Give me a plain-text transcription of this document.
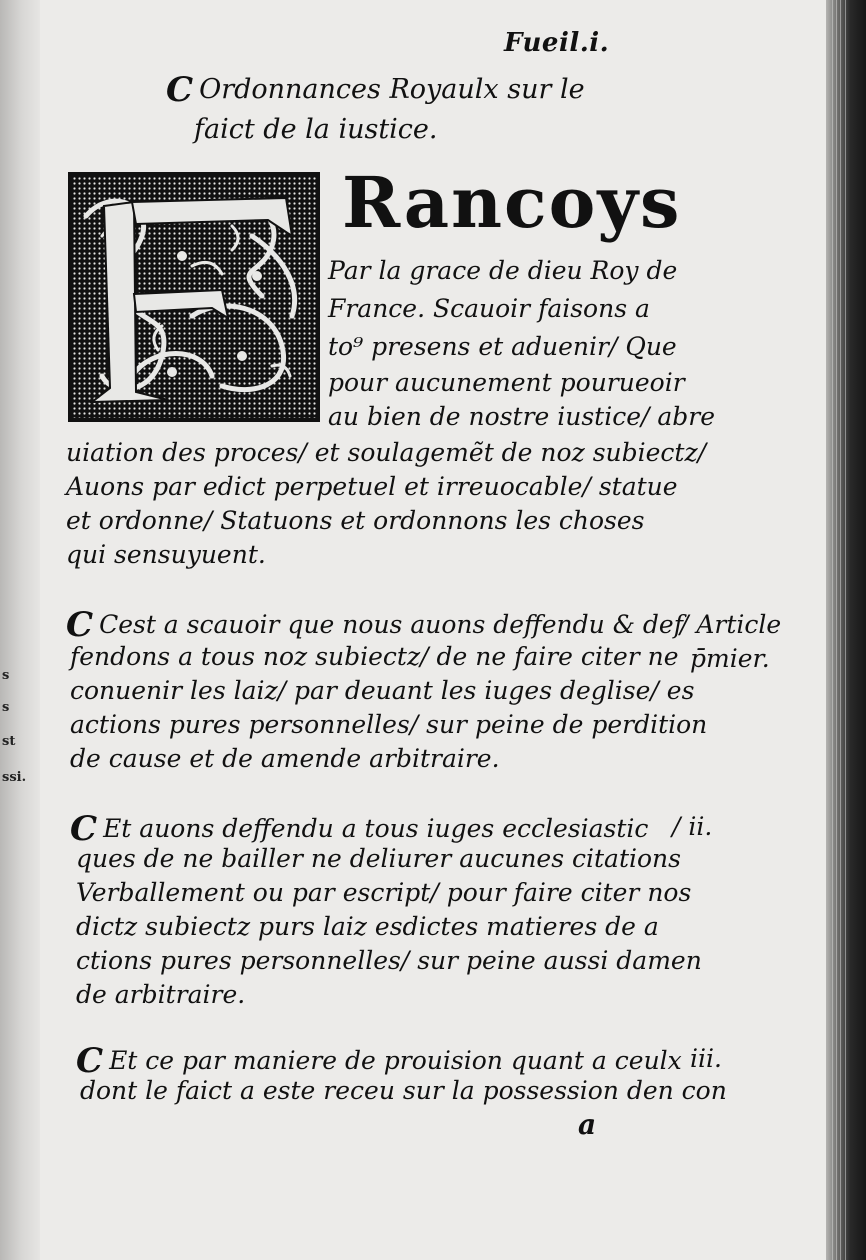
s
s
st
ssi.
Fueil.i.
C Ordonnances Royaulx sur le
faict de la iustice.
Rancoys
Par la grace de dieu Roy de
France. Scauoir faisons a
to⁹ presens et aduenir/ Que
pour aucunement pourueoir
au bien de nostre iustice/ abre
uiation des proces/ et soulagemẽt de noz subiectz/
Auons par edict perpetuel et irreuocable/ statue
et ordonne/ Statuons et ordonnons les choses
qui sensuyuent.
C Cest a scauoir que nous auons deffendu & def
fendons a tous noz subiectz/ de ne faire citer ne
conuenir les laiz/ par deuant les iuges deglise/ es
actions pures personnelles/ sur peine de perdition
de cause et de amende arbitraire.
/ Article
p̄mier.
C Et auons deffendu a tous iuges ecclesiastic
ques de ne bailler ne deliurer aucunes citations
Verballement ou par escript/ pour faire citer nos
dictz subiectz purs laiz esdictes matieres de a
ctions pures personnelles/ sur peine aussi damen
de arbitraire.
/ ii.
C Et ce par maniere de prouision quant a ceulx
dont le faict a este receu sur la possession den con
iii.
a
